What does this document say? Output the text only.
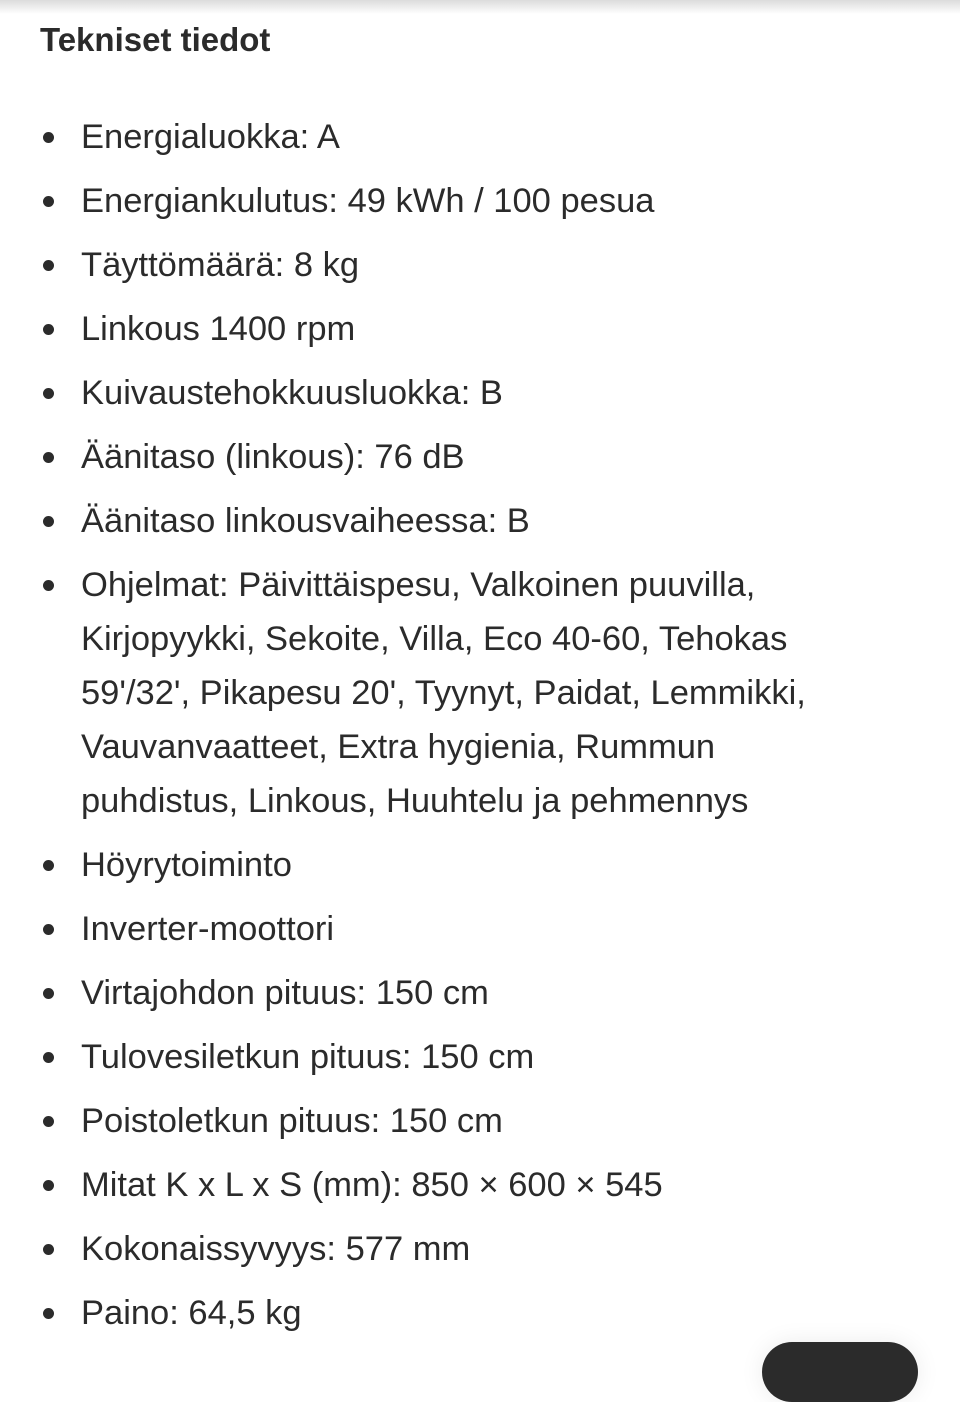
Tekniset tiedot
Energialuokka: A
Energiankulutus: 49 kWh / 100 pesua
Täyttömäärä: 8 kg
Linkous 1400 rpm
Kuivaustehokkuusluokka: B
Äänitaso (linkous): 76 dB
Äänitaso linkousvaiheessa: B
Ohjelmat: Päivittäispesu, Valkoinen puuvilla, Kirjopyykki, Sekoite, Villa, Eco 40-60, Tehokas 59'/32', Pikapesu 20', Tyynyt, Paidat, Lemmikki, Vauvanvaatteet, Extra hygienia, Rummun puhdistus, Linkous, Huuhtelu ja pehmennys
Höyrytoiminto
Inverter-moottori
Virtajohdon pituus: 150 cm
Tulovesiletkun pituus: 150 cm
Poistoletkun pituus: 150 cm
Mitat K x L x S (mm): 850 × 600 × 545
Kokonaissyvyys: 577 mm
Paino: 64,5 kg
